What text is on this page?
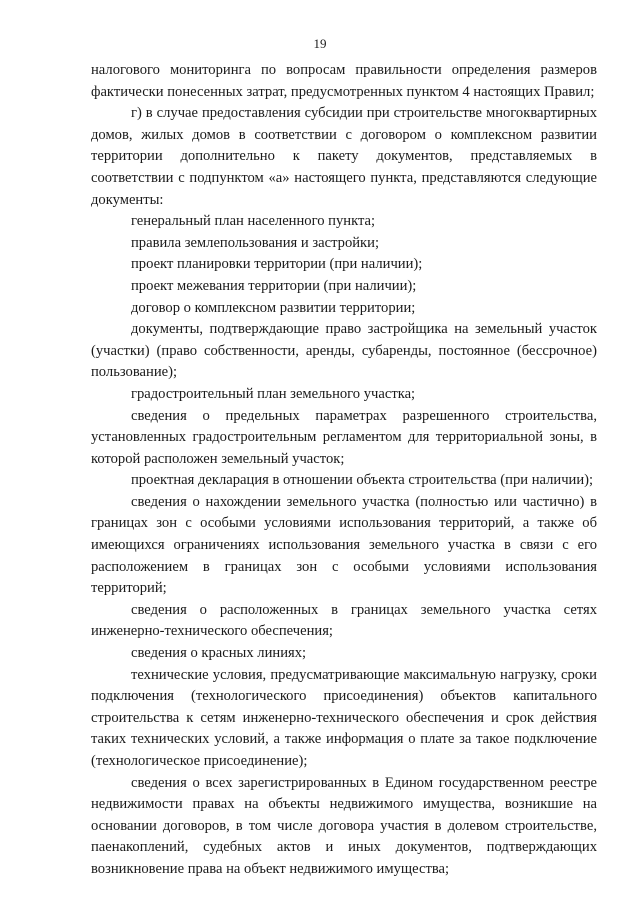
19

налогового мониторинга по вопросам правильности определения размеров фактически понесенных затрат, предусмотренных пунктом 4 настоящих Правил;

г) в случае предоставления субсидии при строительстве многоквартирных домов, жилых домов в соответствии с договором о комплексном развитии территории дополнительно к пакету документов, представляемых в соответствии с подпунктом «а» настоящего пункта, представляются следующие документы:

генеральный план населенного пункта;

правила землепользования и застройки;

проект планировки территории (при наличии);

проект межевания территории (при наличии);

договор о комплексном развитии территории;

документы, подтверждающие право застройщика на земельный участок (участки) (право собственности, аренды, субаренды, постоянное (бессрочное) пользование);

градостроительный план земельного участка;

сведения о предельных параметрах разрешенного строительства, установленных градостроительным регламентом для территориальной зоны, в которой расположен земельный участок;

проектная декларация в отношении объекта строительства (при наличии);

сведения о нахождении земельного участка (полностью или частично) в границах зон с особыми условиями использования территорий, а также об имеющихся ограничениях использования земельного участка в связи с его расположением в границах зон с особыми условиями использования территорий;

сведения о расположенных в границах земельного участка сетях инженерно-технического обеспечения;

сведения о красных линиях;

технические условия, предусматривающие максимальную нагрузку, сроки подключения (технологического присоединения) объектов капитального строительства к сетям инженерно-технического обеспечения и срок действия таких технических условий, а также информация о плате за такое подключение (технологическое присоединение);

сведения о всех зарегистрированных в Едином государственном реестре недвижимости правах на объекты недвижимого имущества, возникшие на основании договоров, в том числе договора участия в долевом строительстве, паенакоплений, судебных актов и иных документов, подтверждающих возникновение права на объект недвижимого имущества;
